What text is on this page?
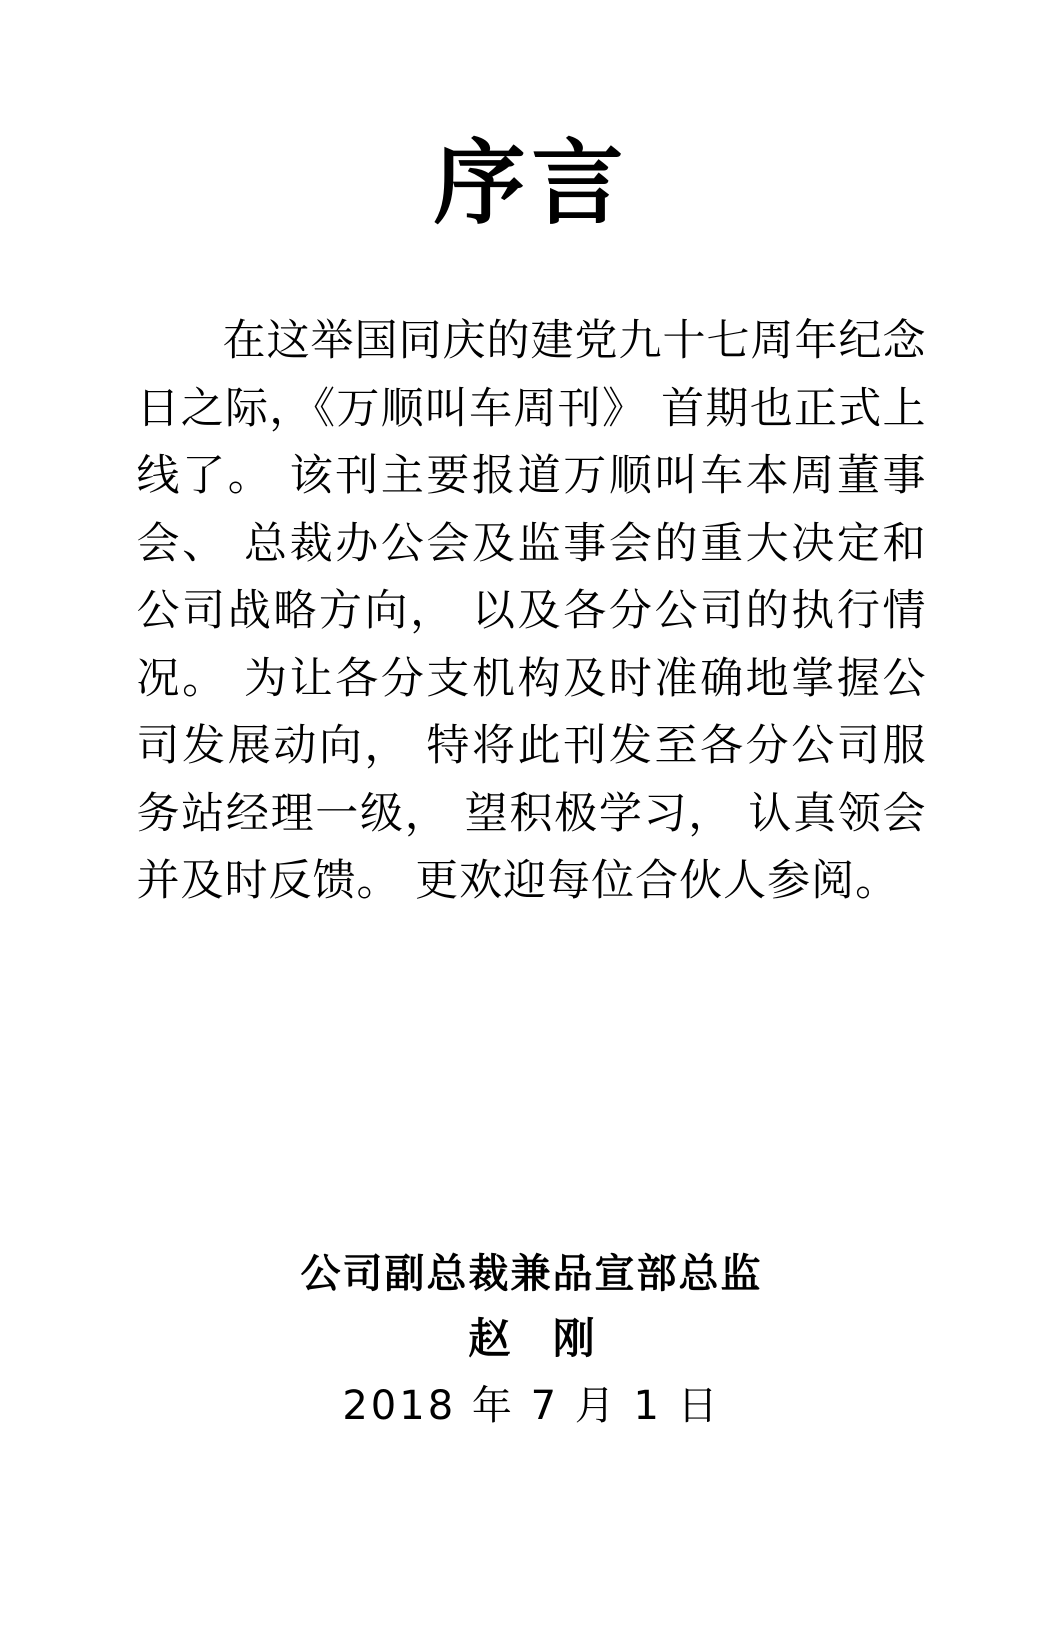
序言

在这举国同庆的建党九十七周年纪念日之际，《万顺叫车周刊》 首期也正式上线了。 该刊主要报道万顺叫车本周董事会、 总裁办公会及监事会的重大决定和公司战略方向， 以及各分公司的执行情况。 为让各分支机构及时准确地掌握公司发展动向， 特将此刊发至各分公司服务站经理一级， 望积极学习， 认真领会并及时反馈。 更欢迎每位合伙人参阅。

公司副总裁兼品宣部总监
赵 刚
2018 年 7 月 1 日
